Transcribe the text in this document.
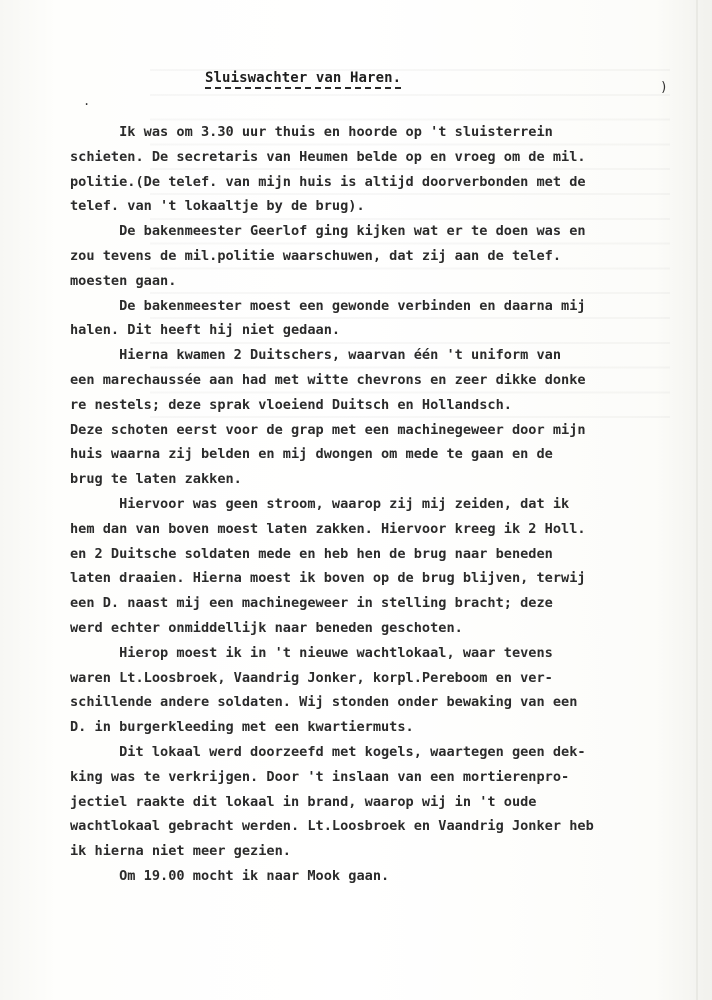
Sluiswachter van Haren.
)
.
Ik was om 3.30 uur thuis en hoorde op 't sluisterrein
schieten. De secretaris van Heumen belde op en vroeg om de mil.
politie.(De telef. van mijn huis is altijd doorverbonden met de
telef. van 't lokaaltje by de brug).
De bakenmeester Geerlof ging kijken wat er te doen was en
zou tevens de mil.politie waarschuwen, dat zij aan de telef.
moesten gaan.
De bakenmeester moest een gewonde verbinden en daarna mij
halen. Dit heeft hij niet gedaan.
Hierna kwamen 2 Duitschers, waarvan één 't uniform van
een marechaussée aan had met witte chevrons en zeer dikke donke
re nestels; deze sprak vloeiend Duitsch en Hollandsch.
Deze schoten eerst voor de grap met een machinegeweer door mijn
huis waarna zij belden en mij dwongen om mede te gaan en de
brug te laten zakken.
Hiervoor was geen stroom, waarop zij mij zeiden, dat ik
hem dan van boven moest laten zakken. Hiervoor kreeg ik 2 Holl.
en 2 Duitsche soldaten mede en heb hen de brug naar beneden
laten draaien. Hierna moest ik boven op de brug blijven, terwij
een D. naast mij een machinegeweer in stelling bracht; deze
werd echter onmiddellijk naar beneden geschoten.
Hierop moest ik in 't nieuwe wachtlokaal, waar tevens
waren Lt.Loosbroek, Vaandrig Jonker, korpl.Pereboom en ver-
schillende andere soldaten. Wij stonden onder bewaking van een
D. in burgerkleeding met een kwartiermuts.
Dit lokaal werd doorzeefd met kogels, waartegen geen dek-
king was te verkrijgen. Door 't inslaan van een mortierenpro-
jectiel raakte dit lokaal in brand, waarop wij in 't oude
wachtlokaal gebracht werden. Lt.Loosbroek en Vaandrig Jonker heb
ik hierna niet meer gezien.
Om 19.00 mocht ik naar Mook gaan.
